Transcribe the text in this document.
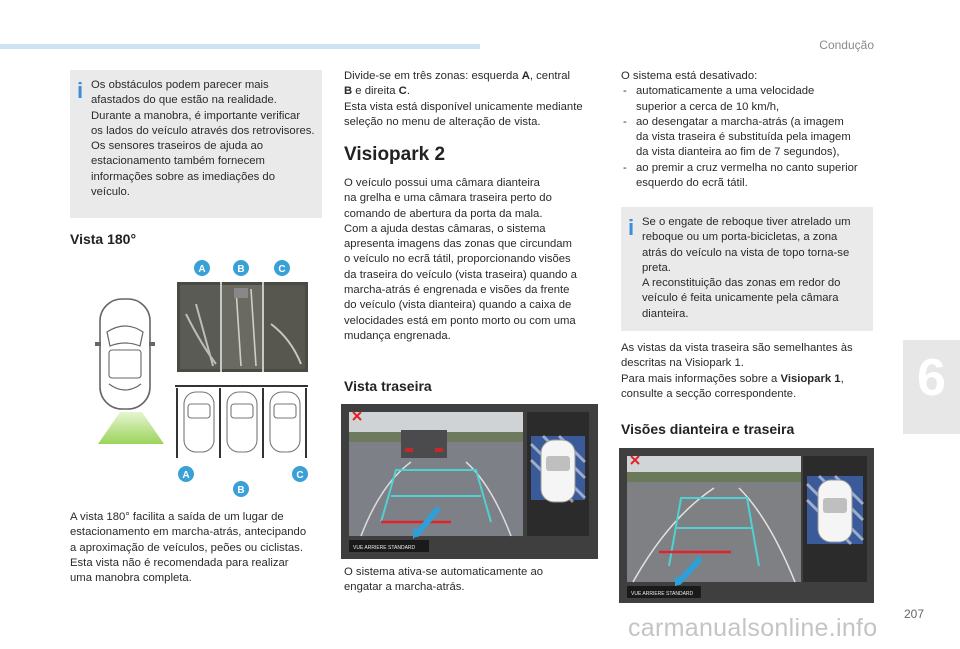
Condução
i Os obstáculos podem parecer mais

afastados do que estão na realidade.

Durante a manobra, é importante verificar

os lados do veículo através dos retrovisores.

Os sensores traseiros de ajuda ao

estacionamento também fornecem

informações sobre as imediações do

veículo.

Vista 180°
A	B	C
A
B
C

A vista 180° facilita a saída de um lugar de

estacionamento em marcha-atrás, antecipando

a aproximação de veículos, peões ou ciclistas.

Esta vista não é recomendada para realizar

uma manobra completa.

Divide-se em três zonas: esquerda A, central

B e direita C.

Esta vista está disponível unicamente mediante

seleção no menu de alteração de vista.

Visiopark 2

O veículo possui uma câmara dianteira

na grelha e uma câmara traseira perto do

comando de abertura da porta da mala.

Com a ajuda destas câmaras, o sistema

apresenta imagens das zonas que circundam

o veículo no ecrã tátil, proporcionando visões

da traseira do veículo (vista traseira) quando a

marcha-atrás é engrenada e visões da frente

do veículo (vista dianteira) quando a caixa de

velocidades está em ponto morto ou com uma

mudança engrenada.

Vista traseira
VUE ARRIERE STANDARD

O sistema ativa-se automaticamente ao

engatar a marcha-atrás.

O sistema está desativado:

- automaticamente a uma velocidade
superior a cerca de 10 km/h,
- ao desengatar a marcha-atrás (a imagem
da vista traseira é substituída pela imagem
da vista dianteira ao fim de 7 segundos),
- ao premir a cruz vermelha no canto superior
esquerdo do ecrã tátil.
i Se o engate de reboque tiver atrelado um

reboque ou um porta-bicicletas, a zona

atrás do veículo na vista de topo torna-se

preta.

A reconstituição das zonas em redor do

veículo é feita unicamente pela câmara

dianteira.

As vistas da vista traseira são semelhantes às

descritas na Visiopark 1.

Para mais informações sobre a Visiopark 1,

consulte a secção correspondente.

Visões dianteira e traseira
VUE ARRIERE STANDARD
6
207
carmanualsonline.info
